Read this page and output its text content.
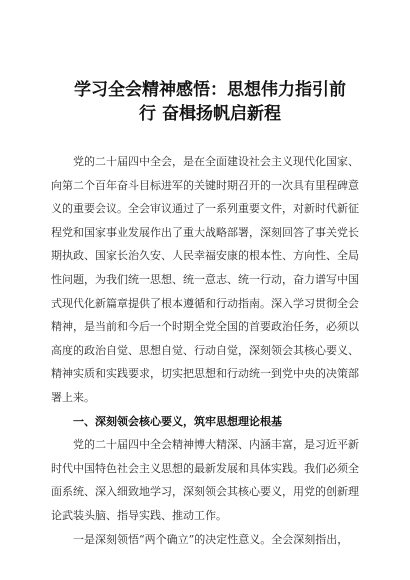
学习全会精神感悟：思想伟力指引前
行 奋楫扬帆启新程

党的二十届四中全会，是在全面建设社会主义现代化国家、向第二个百年奋斗目标进军的关键时期召开的一次具有里程碑意义的重要会议。全会审议通过了一系列重要文件，对新时代新征程党和国家事业发展作出了重大战略部署，深刻回答了事关党长期执政、国家长治久安、人民幸福安康的根本性、方向性、全局性问题，为我们统一思想、统一意志、统一行动，奋力谱写中国式现代化新篇章提供了根本遵循和行动指南。深入学习贯彻全会精神，是当前和今后一个时期全党全国的首要政治任务，必须以高度的政治自觉、思想自觉、行动自觉，深刻领会其核心要义、精神实质和实践要求，切实把思想和行动统一到党中央的决策部署上来。

一、深刻领会核心要义，筑牢思想理论根基

党的二十届四中全会精神博大精深、内涵丰富，是习近平新时代中国特色社会主义思想的最新发展和具体实践。我们必须全面系统、深入细致地学习，深刻领会其核心要义，用党的创新理论武装头脑、指导实践、推动工作。

一是深刻领悟“两个确立”的决定性意义。全会深刻指出，
